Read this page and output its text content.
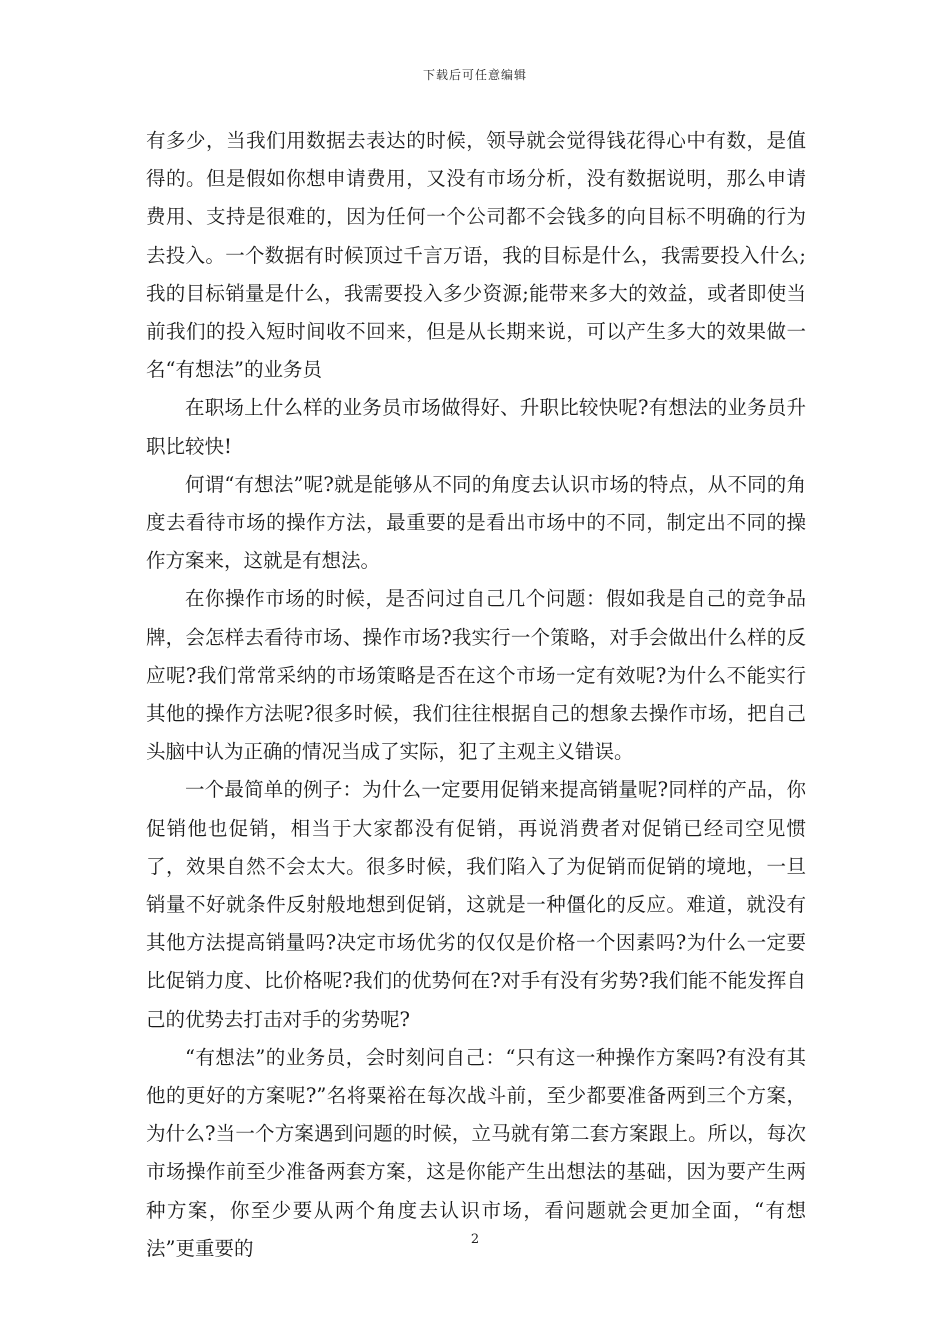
下载后可任意编辑

有多少，当我们用数据去表达的时候，领导就会觉得钱花得心中有数，是值得的。但是假如你想申请费用，又没有市场分析，没有数据说明，那么申请费用、支持是很难的，因为任何一个公司都不会钱多的向目标不明确的行为去投入。一个数据有时候顶过千言万语，我的目标是什么，我需要投入什么;我的目标销量是什么，我需要投入多少资源;能带来多大的效益，或者即使当前我们的投入短时间收不回来，但是从长期来说，可以产生多大的效果做一名“有想法”的业务员

在职场上什么样的业务员市场做得好、升职比较快呢?有想法的业务员升职比较快!

何谓“有想法”呢?就是能够从不同的角度去认识市场的特点，从不同的角度去看待市场的操作方法，最重要的是看出市场中的不同，制定出不同的操作方案来，这就是有想法。

在你操作市场的时候，是否问过自己几个问题：假如我是自己的竞争品牌，会怎样去看待市场、操作市场?我实行一个策略，对手会做出什么样的反应呢?我们常常采纳的市场策略是否在这个市场一定有效呢?为什么不能实行其他的操作方法呢?很多时候，我们往往根据自己的想象去操作市场，把自己头脑中认为正确的情况当成了实际，犯了主观主义错误。

一个最简单的例子：为什么一定要用促销来提高销量呢?同样的产品，你促销他也促销，相当于大家都没有促销，再说消费者对促销已经司空见惯了，效果自然不会太大。很多时候，我们陷入了为促销而促销的境地，一旦销量不好就条件反射般地想到促销，这就是一种僵化的反应。难道，就没有其他方法提高销量吗?决定市场优劣的仅仅是价格一个因素吗?为什么一定要比促销力度、比价格呢?我们的优势何在?对手有没有劣势?我们能不能发挥自己的优势去打击对手的劣势呢?

“有想法”的业务员，会时刻问自己：“只有这一种操作方案吗?有没有其他的更好的方案呢?”名将粟裕在每次战斗前，至少都要准备两到三个方案，为什么?当一个方案遇到问题的时候，立马就有第二套方案跟上。所以，每次市场操作前至少准备两套方案，这是你能产生出想法的基础，因为要产生两种方案，你至少要从两个角度去认识市场，看问题就会更加全面，“有想法”更重要的	2
